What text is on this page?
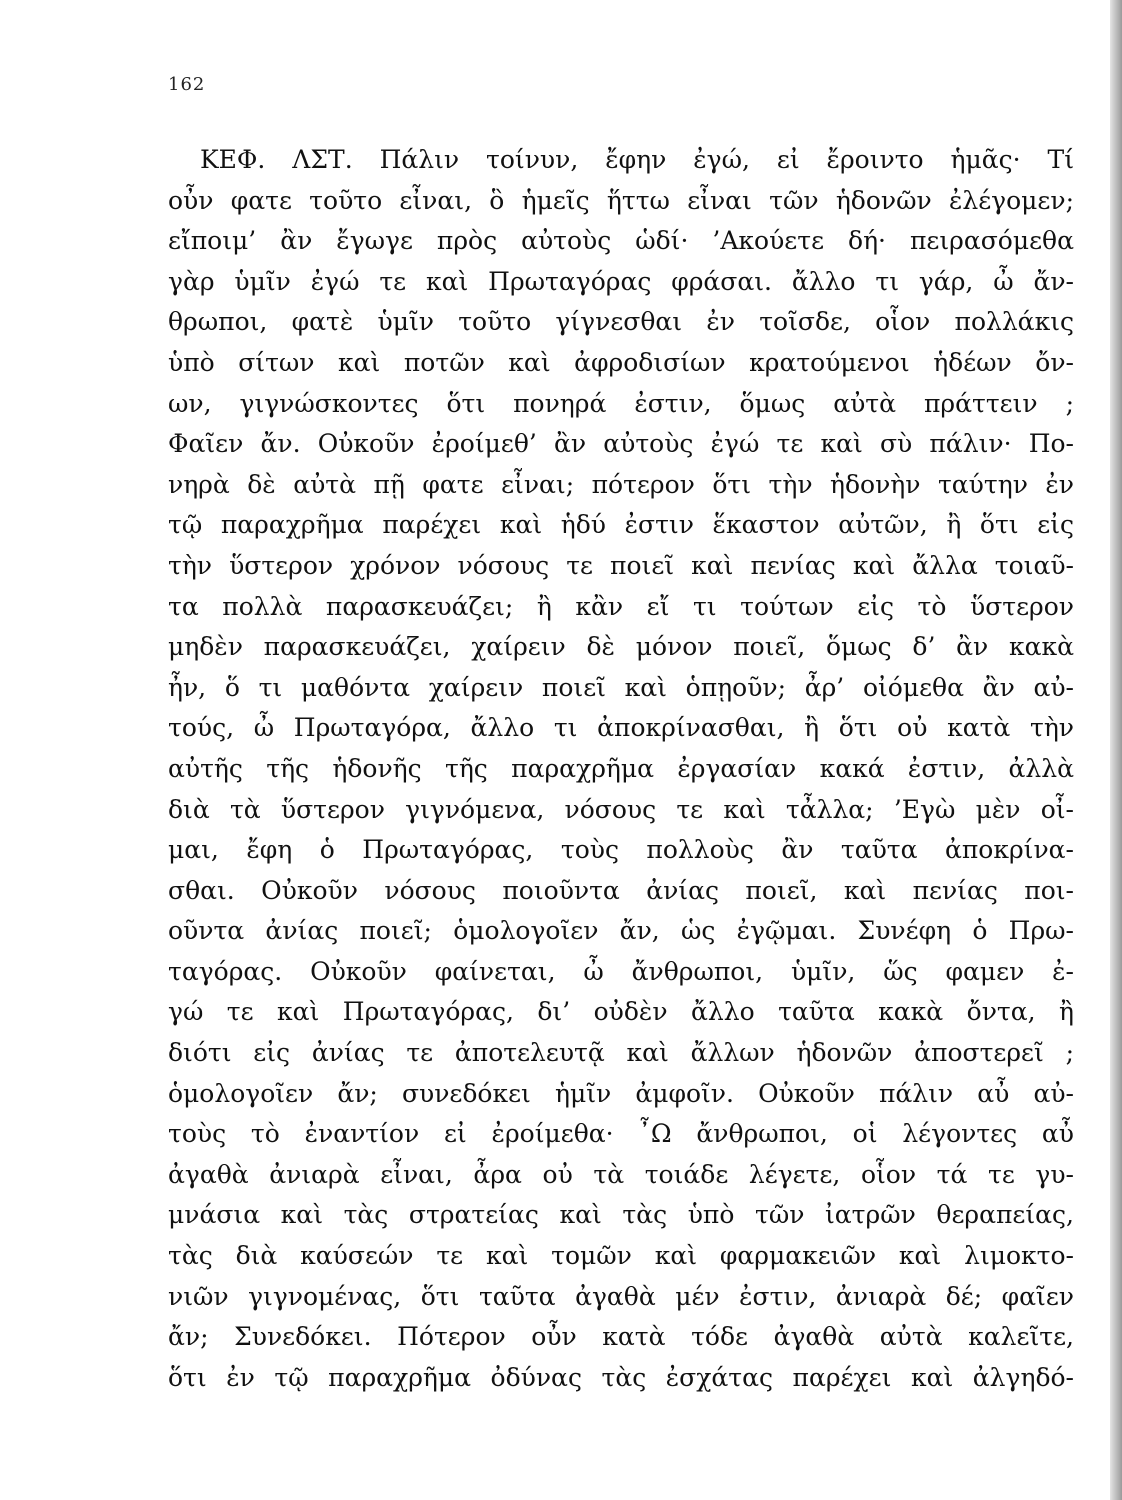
162
ΚΕΦ. ΛΣΤ. Πάλιν τοίνυν, ἔφην ἐγώ, εἰ ἔροιντο ἡμᾶς· Τί
οὖν φατε τοῦτο εἶναι, ὃ ἡμεῖς ἥττω εἶναι τῶν ἡδονῶν ἐλέγομεν;
εἴποιμ’ ἂν ἔγωγε πρὸς αὐτοὺς ὡδί· ’Ακούετε δή· πειρασόμεθα
γὰρ ὑμῖν ἐγώ τε καὶ Πρωταγόρας φράσαι. ἄλλο τι γάρ, ὦ ἄν-
θρωποι, φατὲ ὑμῖν τοῦτο γίγνεσθαι ἐν τοῖσδε, οἷον πολλάκις
ὑπὸ σίτων καὶ ποτῶν καὶ ἀφροδισίων κρατούμενοι ἡδέων ὄν-
ων, γιγνώσκοντες ὅτι πονηρά ἐστιν, ὅμως αὐτὰ πράττειν ;
Φαῖεν ἄν. Οὐκοῦν ἐροίμεθ’ ἂν αὐτοὺς ἐγώ τε καὶ σὺ πάλιν· Πο-
νηρὰ δὲ αὐτὰ πῇ φατε εἶναι; πότερον ὅτι τὴν ἡδονὴν ταύτην ἐν
τῷ παραχρῆμα παρέχει καὶ ἡδύ ἐστιν ἕκαστον αὐτῶν, ἢ ὅτι εἰς
τὴν ὕστερον χρόνον νόσους τε ποιεῖ καὶ πενίας καὶ ἄλλα τοιαῦ-
τα πολλὰ παρασκευάζει; ἢ κἂν εἴ τι τούτων εἰς τὸ ὕστερον
μηδὲν παρασκευάζει, χαίρειν δὲ μόνον ποιεῖ, ὅμως δ’ ἂν κακὰ
ἦν, ὅ τι μαθόντα χαίρειν ποιεῖ καὶ ὁπῃοῦν; ἆρ’ οἰόμεθα ἂν αὐ-
τούς, ὦ Πρωταγόρα, ἄλλο τι ἀποκρίνασθαι, ἢ ὅτι οὐ κατὰ τὴν
αὐτῆς τῆς ἡδονῆς τῆς παραχρῆμα ἐργασίαν κακά ἐστιν, ἀλλὰ
διὰ τὰ ὕστερον γιγνόμενα, νόσους τε καὶ τἆλλα; ’Εγὼ μὲν οἶ-
μαι, ἔφη ὁ Πρωταγόρας, τοὺς πολλοὺς ἂν ταῦτα ἀποκρίνα-
σθαι. Οὐκοῦν νόσους ποιοῦντα ἀνίας ποιεῖ, καὶ πενίας ποι-
οῦντα ἀνίας ποιεῖ; ὁμολογοῖεν ἄν, ὡς ἐγῷμαι. Συνέφη ὁ Πρω-
ταγόρας. Οὐκοῦν φαίνεται, ὦ ἄνθρωποι, ὑμῖν, ὥς φαμεν ἐ-
γώ τε καὶ Πρωταγόρας, δι’ οὐδὲν ἄλλο ταῦτα κακὰ ὄντα, ἢ
διότι εἰς ἀνίας τε ἀποτελευτᾷ καὶ ἄλλων ἡδονῶν ἀποστερεῖ ;
ὁμολογοῖεν ἄν; συνεδόκει ἡμῖν ἀμφοῖν. Οὐκοῦν πάλιν αὖ αὐ-
τοὺς τὸ ἐναντίον εἰ ἐροίμεθα· ῏Ω ἄνθρωποι, οἱ λέγοντες αὖ
ἀγαθὰ ἀνιαρὰ εἶναι, ἆρα οὐ τὰ τοιάδε λέγετε, οἷον τά τε γυ-
μνάσια καὶ τὰς στρατείας καὶ τὰς ὑπὸ τῶν ἰατρῶν θεραπείας,
τὰς διὰ καύσεών τε καὶ τομῶν καὶ φαρμακειῶν καὶ λιμοκτο-
νιῶν γιγνομένας, ὅτι ταῦτα ἀγαθὰ μέν ἐστιν, ἀνιαρὰ δέ; φαῖεν
ἄν; Συνεδόκει. Πότερον οὖν κατὰ τόδε ἀγαθὰ αὐτὰ καλεῖτε,
ὅτι ἐν τῷ παραχρῆμα ὀδύνας τὰς ἐσχάτας παρέχει καὶ ἀλγηδό-
